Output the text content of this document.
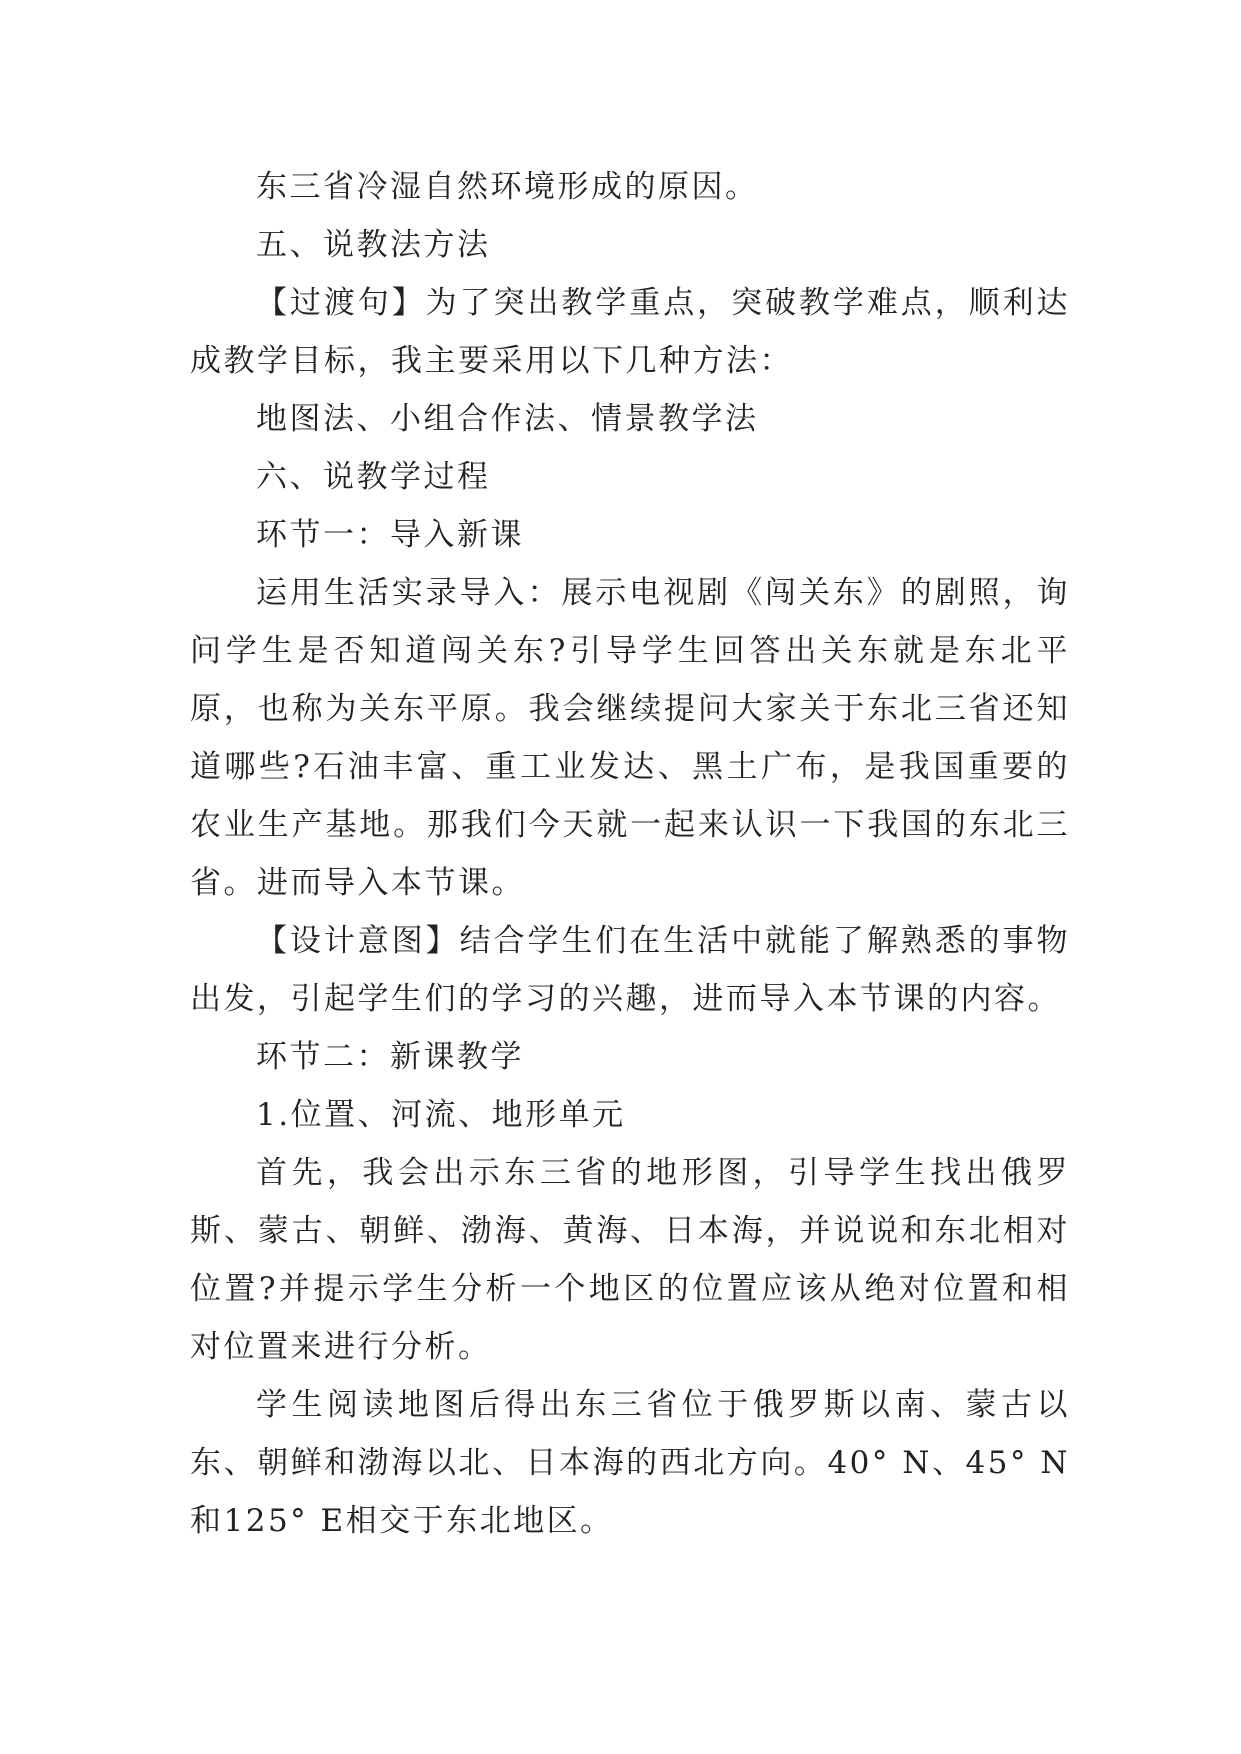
东三省冷湿自然环境形成的原因。

五、说教法方法

【过渡句】为了突出教学重点，突破教学难点，顺利达成教学目标，我主要采用以下几种方法：

地图法、小组合作法、情景教学法

六、说教学过程

环节一：导入新课

运用生活实录导入：展示电视剧《闯关东》的剧照，询问学生是否知道闯关东?引导学生回答出关东就是东北平原，也称为关东平原。我会继续提问大家关于东北三省还知道哪些?石油丰富、重工业发达、黑土广布，是我国重要的农业生产基地。那我们今天就一起来认识一下我国的东北三省。进而导入本节课。

【设计意图】结合学生们在生活中就能了解熟悉的事物出发，引起学生们的学习的兴趣，进而导入本节课的内容。

环节二：新课教学

1.位置、河流、地形单元

首先，我会出示东三省的地形图，引导学生找出俄罗斯、蒙古、朝鲜、渤海、黄海、日本海，并说说和东北相对位置?并提示学生分析一个地区的位置应该从绝对位置和相对位置来进行分析。

学生阅读地图后得出东三省位于俄罗斯以南、蒙古以东、朝鲜和渤海以北、日本海的西北方向。40° N、45° N和125° E相交于东北地区。
